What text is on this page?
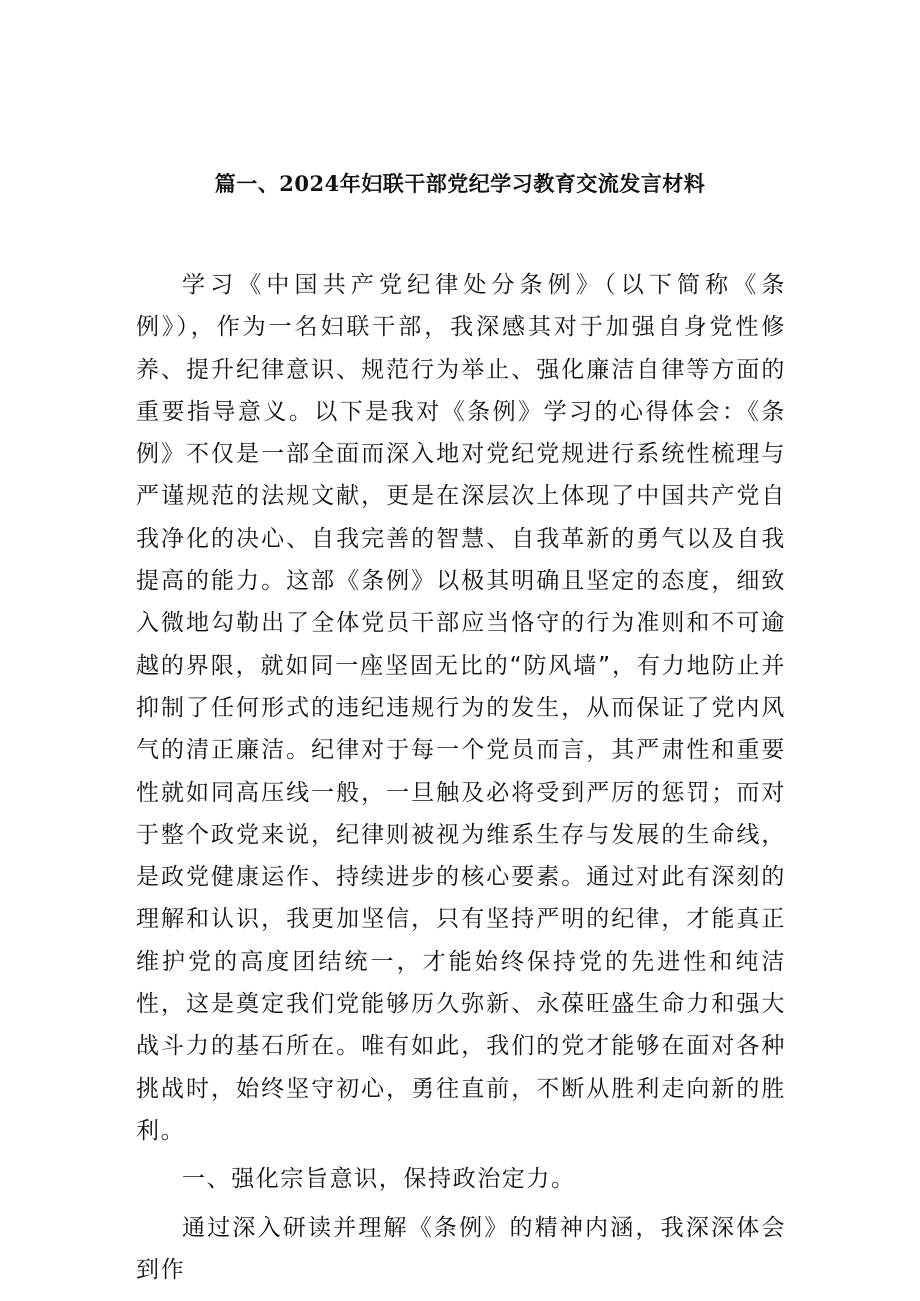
篇一、2024年妇联干部党纪学习教育交流发言材料

学习《中国共产党纪律处分条例》（以下简称《条例》），作为一名妇联干部，我深感其对于加强自身党性修养、提升纪律意识、规范行为举止、强化廉洁自律等方面的重要指导意义。以下是我对《条例》学习的心得体会：《条例》不仅是一部全面而深入地对党纪党规进行系统性梳理与严谨规范的法规文献，更是在深层次上体现了中国共产党自我净化的决心、自我完善的智慧、自我革新的勇气以及自我提高的能力。这部《条例》以极其明确且坚定的态度，细致入微地勾勒出了全体党员干部应当恪守的行为准则和不可逾越的界限，就如同一座坚固无比的“防风墙”，有力地防止并抑制了任何形式的违纪违规行为的发生，从而保证了党内风气的清正廉洁。纪律对于每一个党员而言，其严肃性和重要性就如同高压线一般，一旦触及必将受到严厉的惩罚；而对于整个政党来说，纪律则被视为维系生存与发展的生命线，是政党健康运作、持续进步的核心要素。通过对此有深刻的理解和认识，我更加坚信，只有坚持严明的纪律，才能真正维护党的高度团结统一，才能始终保持党的先进性和纯洁性，这是奠定我们党能够历久弥新、永葆旺盛生命力和强大战斗力的基石所在。唯有如此，我们的党才能够在面对各种挑战时，始终坚守初心，勇往直前，不断从胜利走向新的胜利。

一、强化宗旨意识，保持政治定力。

通过深入研读并理解《条例》的精神内涵，我深深体会到作
